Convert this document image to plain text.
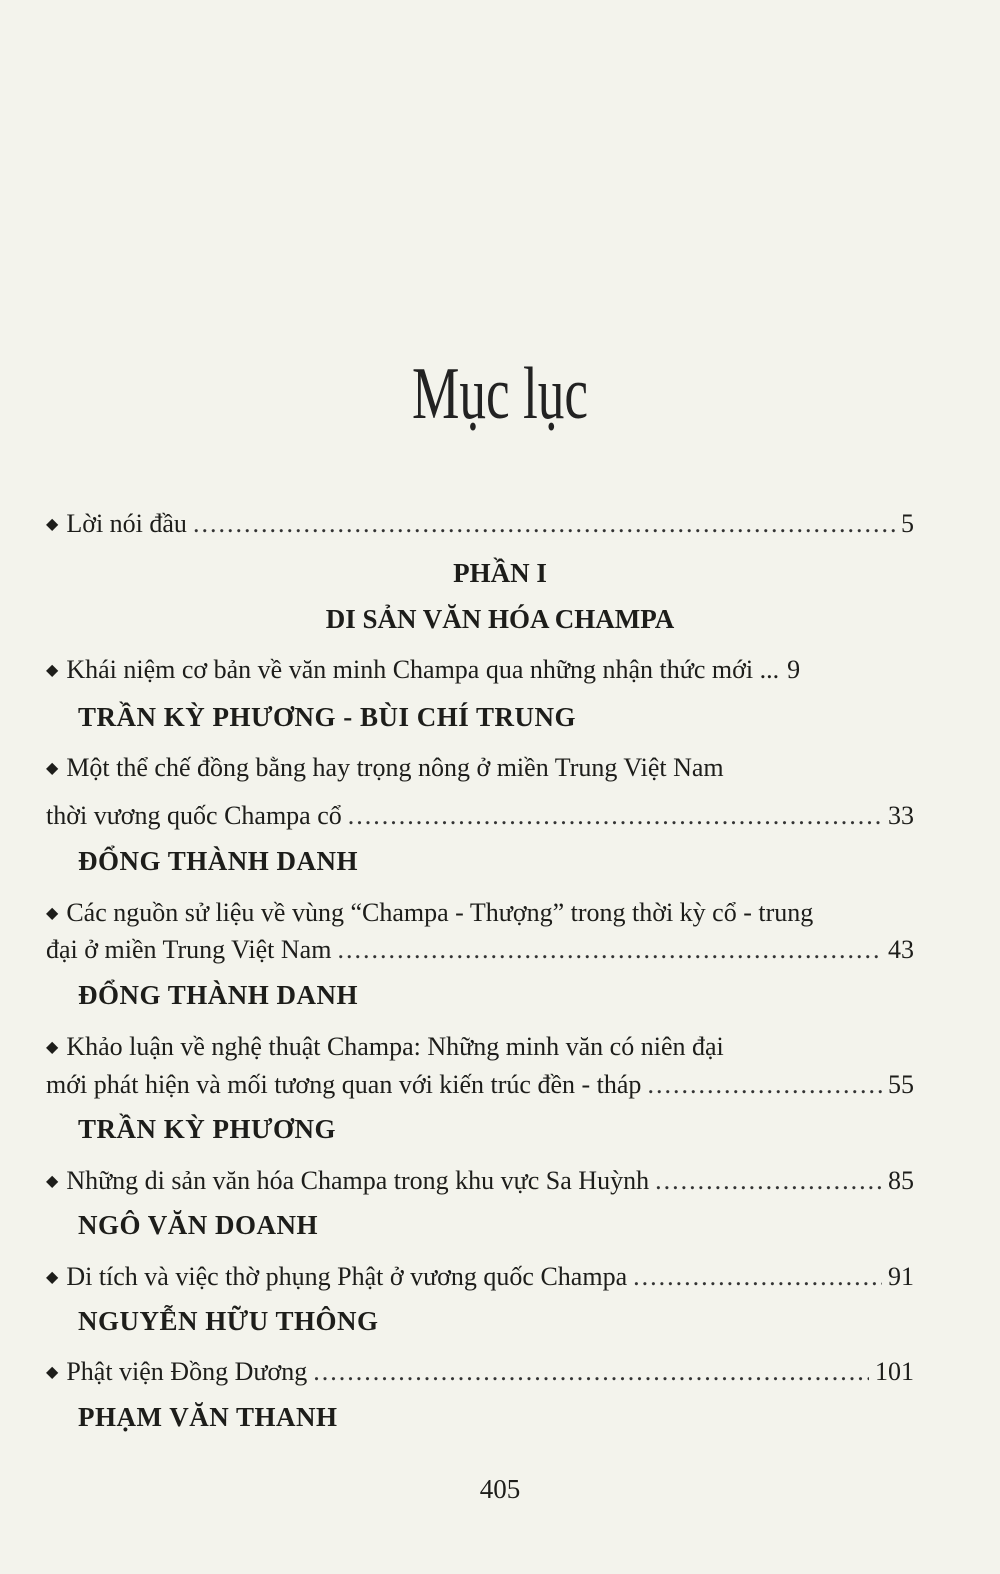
Mục lục
◆ Lời nói đầu .....	5
PHẦN I
DI SẢN VĂN HÓA CHAMPA
◆ Khái niệm cơ bản về văn minh Champa qua những nhận thức mới ... 9
TRẦN KỲ PHƯƠNG - BÙI CHÍ TRUNG
◆ Một thể chế đồng bằng hay trọng nông ở miền Trung Việt Nam
thời vương quốc Champa cổ .....	33
ĐỔNG THÀNH DANH
◆ Các nguồn sử liệu về vùng “Champa - Thượng” trong thời kỳ cổ - trung
đại ở miền Trung Việt Nam .....	43
ĐỔNG THÀNH DANH
◆ Khảo luận về nghệ thuật Champa: Những minh văn có niên đại
mới phát hiện và mối tương quan với kiến trúc đền - tháp .....	55
TRẦN KỲ PHƯƠNG
◆ Những di sản văn hóa Champa trong khu vực Sa Huỳnh .....	85
NGÔ VĂN DOANH
◆ Di tích và việc thờ phụng Phật ở vương quốc Champa .....	91
NGUYỄN HỮU THÔNG
◆ Phật viện Đồng Dương .....	101
PHẠM VĂN THANH
405
